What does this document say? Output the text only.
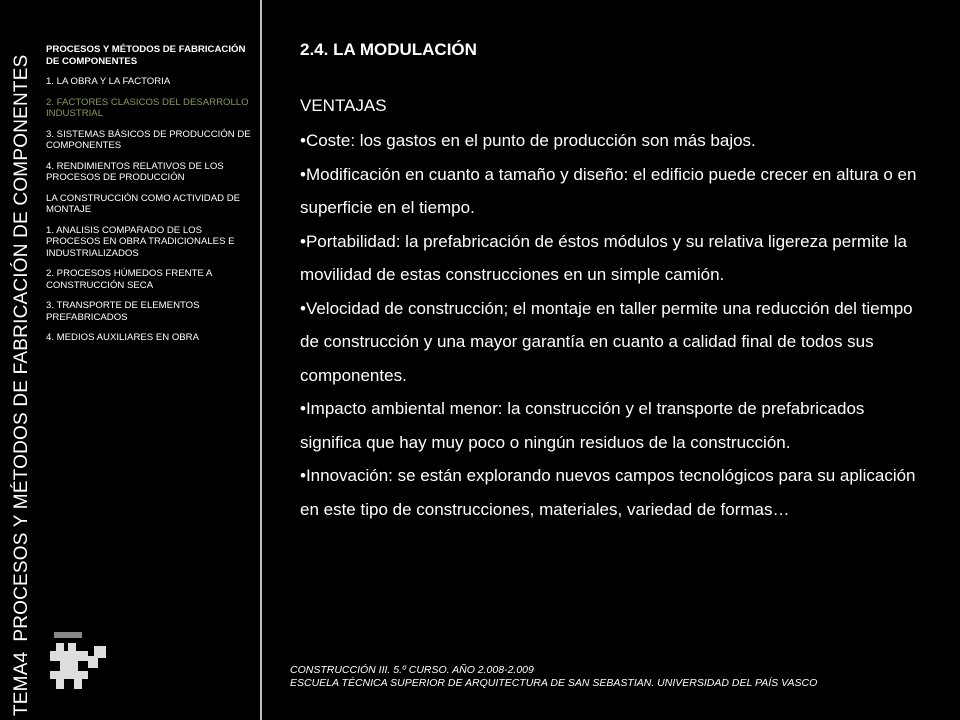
TEMA4PROCESOS Y MÉTODOS DE FABRICACIÓN DE COMPONENTES
PROCESOS Y MÉTODOS DE FABRICACIÓN DE COMPONENTES
1. LA OBRA Y LA FACTORIA
2. FACTORES CLASICOS DEL DESARROLLO INDUSTRIAL
3. SISTEMAS BÁSICOS DE PRODUCCIÓN DE COMPONENTES
4. RENDIMIENTOS RELATIVOS DE LOS PROCESOS DE PRODUCCIÓN
LA CONSTRUCCIÓN COMO ACTIVIDAD DE MONTAJE
1. ANALISIS COMPARADO DE LOS PROCESOS EN OBRA TRADICIONALES E INDUSTRIALIZADOS
2. PROCESOS HÚMEDOS FRENTE A CONSTRUCCIÓN SECA
3. TRANSPORTE DE ELEMENTOS PREFABRICADOS
4. MEDIOS AUXILIARES EN OBRA
2.4. LA MODULACIÓN
VENTAJAS
•Coste: los gastos en el punto de producción son más bajos.
•Modificación en cuanto a tamaño y diseño: el edificio puede crecer en altura o en superficie en el tiempo.
•Portabilidad: la prefabricación de éstos módulos y su relativa ligereza permite la movilidad de estas construcciones en un simple camión.
•Velocidad de construcción; el montaje en taller permite una reducción del tiempo de construcción y una mayor garantía en cuanto a calidad final de todos sus componentes.
•Impacto ambiental menor: la construcción y el transporte de prefabricados significa que hay muy poco o ningún residuos de la construcción.
•Innovación: se están explorando nuevos campos tecnológicos para su aplicación en este tipo de construcciones, materiales, variedad de formas…
CONSTRUCCIÓN III. 5.º CURSO. AÑO 2.008-2.009
ESCUELA TÉCNICA SUPERIOR DE ARQUITECTURA DE SAN SEBASTIAN. UNIVERSIDAD DEL PAÍS VASCO
